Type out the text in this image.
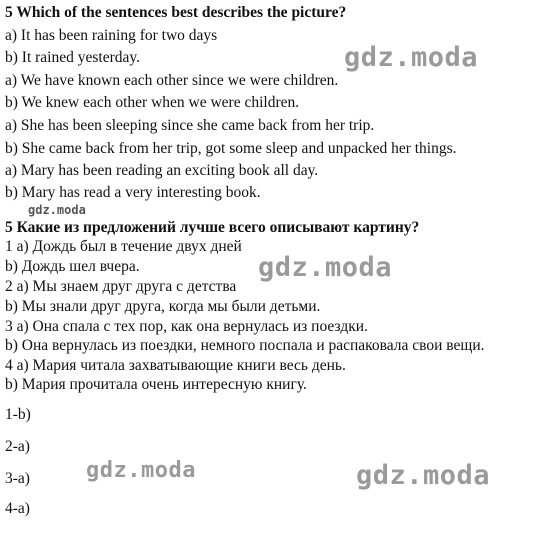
5 Which of the sentences best describes the picture?
a) It has been raining for two days
b) It rained yesterday.
a) We have known each other since we were children.
b) We knew each other when we were children.
a) She has been sleeping since she came back from her trip.
b) She came back from her trip, got some sleep and unpacked her things.
a) Mary has been reading an exciting book all day.
b) Mary has read a very interesting book.
5 Какие из предложений лучше всего описывают картину?
1 а) Дождь был в течение двух дней
b) Дождь шел вчера.
2 а) Мы знаем друг друга с детства
b) Мы знали друг друга, когда мы были детьми.
3 а) Она спала с тех пор, как она вернулась из поездки.
b) Она вернулась из поездки, немного поспала и распаковала свои вещи.
4 а) Мария читала захватывающие книги весь день.
b) Мария прочитала очень интересную книгу.
1-b)
2-a)
3-a)
4-a)
gdz.moda
gdz.moda
gdz.moda
gdz.moda	gdz.moda
